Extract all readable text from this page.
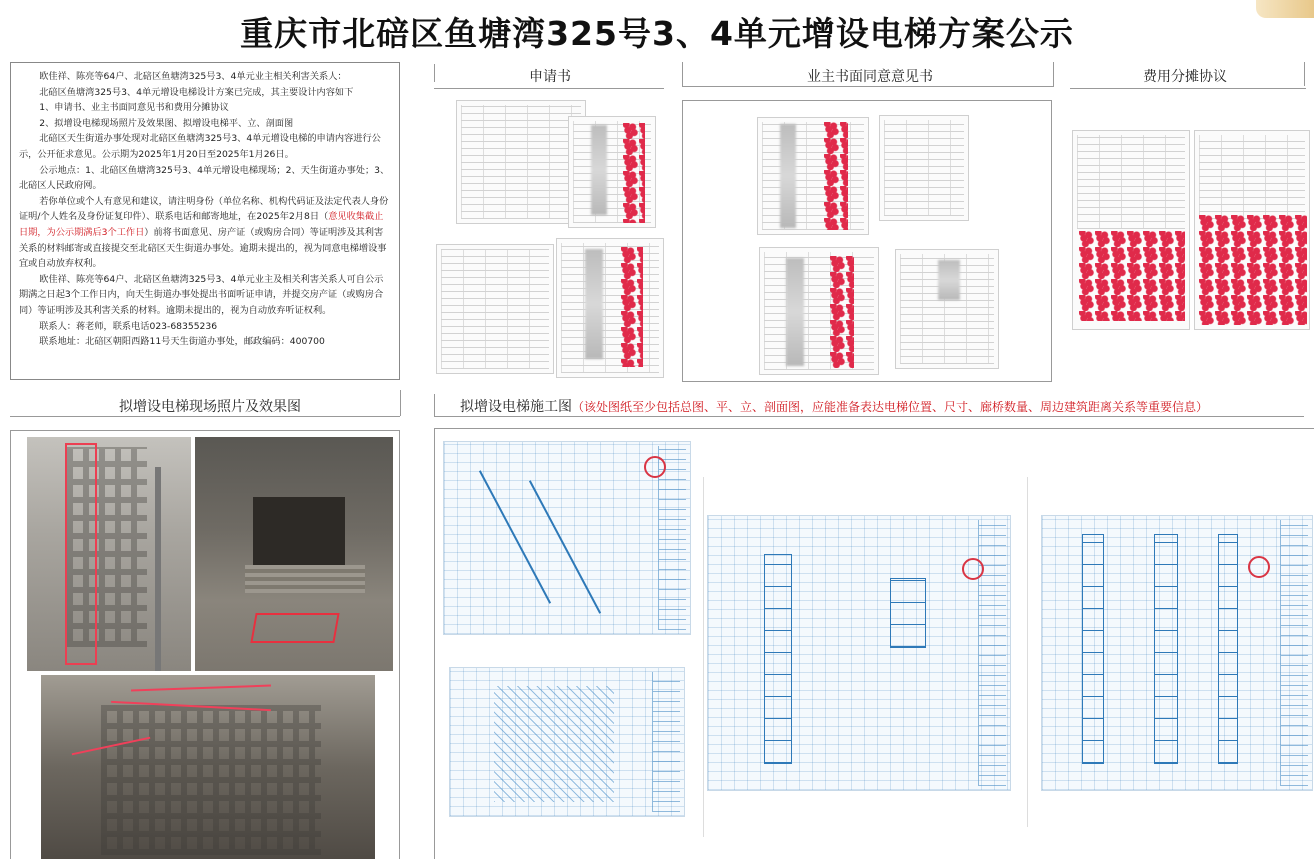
重庆市北碚区鱼塘湾325号3、4单元增设电梯方案公示

欧佳祥、陈亮等64户、北碚区鱼塘湾325号3、4单元业主相关利害关系人：

北碚区鱼塘湾325号3、4单元增设电梯设计方案已完成，其主要设计内容如下

1、申请书、业主书面同意见书和费用分摊协议

2、拟增设电梯现场照片及效果图、拟增设电梯平、立、剖面图

北碚区天生街道办事处现对北碚区鱼塘湾325号3、4单元增设电梯的申请内容进行公示，公开征求意见。公示期为2025年1月20日至2025年1月26日。

公示地点：1、北碚区鱼塘湾325号3、4单元增设电梯现场；2、天生街道办事处；3、北碚区人民政府网。

若你单位或个人有意见和建议，请注明身份（单位名称、机构代码证及法定代表人身份证明/个人姓名及身份证复印件）、联系电话和邮寄地址，在2025年2月8日（意见收集截止日期，为公示期满后3个工作日）前将书面意见、房产证（或购房合同）等证明涉及其利害关系的材料邮寄或直接提交至北碚区天生街道办事处。逾期未提出的，视为同意电梯增设事宜或自动放弃权利。

欧佳祥、陈亮等64户、北碚区鱼塘湾325号3、4单元业主及相关利害关系人可自公示期满之日起3个工作日内，向天生街道办事处提出书面听证申请，并提交房产证（或购房合同）等证明涉及其利害关系的材料。逾期未提出的，视为自动放弃听证权利。

联系人：蒋老师，联系电话023-68355236

联系地址：北碚区朝阳西路11号天生街道办事处，邮政编码：400700

申请书	业主书面同意意见书	费用分摊协议
拟增设电梯现场照片及效果图	拟增设电梯施工图（该处图纸至少包括总图、平、立、剖面图，应能准备表达电梯位置、尺寸、廊桥数量、周边建筑距离关系等重要信息）
